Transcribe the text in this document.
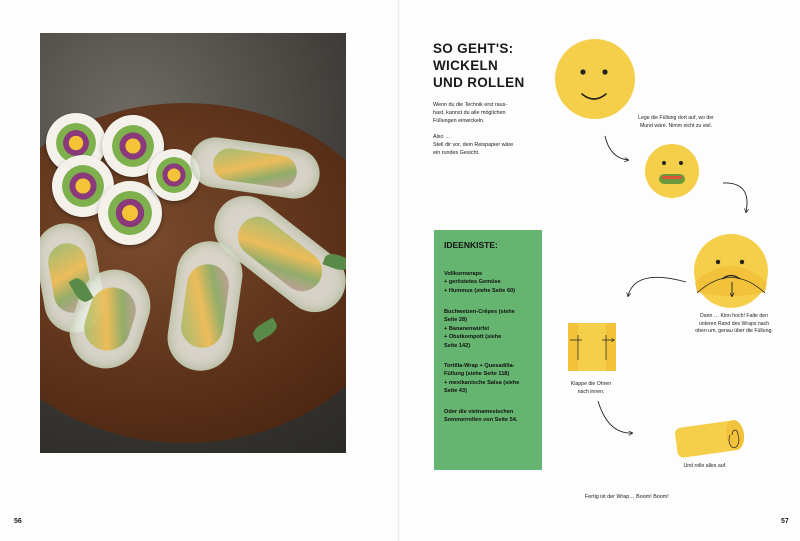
56	57
SO GEHT'S:
WICKELN
UND ROLLEN

Wenn du die Technik erst raus-
hast, kannst du alle möglichen
Füllungen einwickeln.

Also …
Stell dir vor, dein Reispapier wäre
ein rundes Gesicht.

IDEENKISTE:
Vollkornwraps
+ geröstetes Gemüse
+ Hummus (siehe Seite 60)
Buchweizen-Crêpes (siehe
Seite 28)
+ Bananenwürfel
+ Obstkompott (siehe
Seite 142)
Tortilla-Wrap + Quesadilla-
Füllung (siehe Seite 118)
+ mexikanische Salsa (siehe
Seite 43)
Oder die vietnamesischen
Sommerrollen von Seite 54.
Lege die Füllung dort auf, wo der
Mund wäre. Nimm nicht zu viel.
Dann … Kinn hoch! Falte den
unteren Rand des Wraps nach
oben um, genau über die Füllung.
Klappe die Ohren
nach innen.
Und rolle alles auf.
Fertig ist der Wrap… Boom! Boom!
